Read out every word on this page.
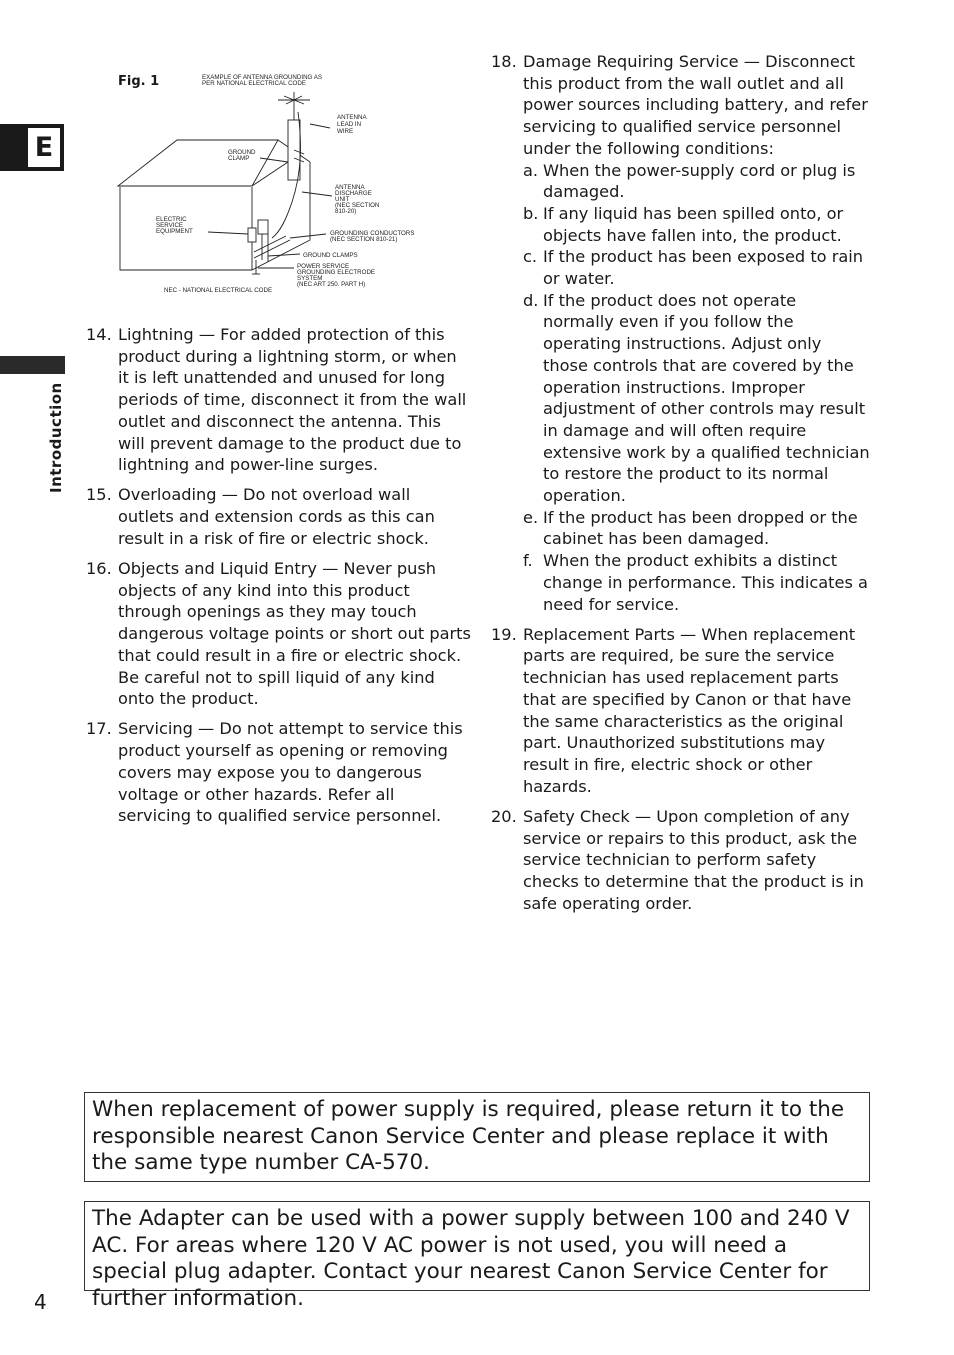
E
Introduction
Fig. 1	EXAMPLE OF ANTENNA GROUNDING AS
PER NATIONAL ELECTRICAL CODE
ANTENNA
LEAD IN
WIRE
GROUND
CLAMP
ANTENNA
DISCHARGE
UNIT
(NEC SECTION
810-20)
ELECTRIC
SERVICE
EQUIPMENT	GROUNDING CONDUCTORS
(NEC SECTION 810-21)
GROUND CLAMPS
POWER SERVICE
GROUNDING ELECTRODE
SYSTEM
(NEC ART 250. PART H)
NEC - NATIONAL ELECTRICAL CODE
14. Lightning — For added protection of this product during a lightning storm, or when it is left unattended and unused for long periods of time, disconnect it from the wall outlet and disconnect the antenna. This will prevent damage to the product due to lightning and power-line surges.
15. Overloading — Do not overload wall outlets and extension cords as this can result in a risk of fire or electric shock.
16. Objects and Liquid Entry — Never push objects of any kind into this product through openings as they may touch dangerous voltage points or short out parts that could result in a fire or electric shock. Be careful not to spill liquid of any kind onto the product.
17. Servicing — Do not attempt to service this product yourself as opening or removing covers may expose you to dangerous voltage or other hazards. Refer all servicing to qualified service personnel.
18. Damage Requiring Service — Disconnect this product from the wall outlet and all power sources including battery, and refer servicing to qualified service personnel under the following conditions:
a. When the power-supply cord or plug is damaged.
b. If any liquid has been spilled onto, or objects have fallen into, the product.
c. If the product has been exposed to rain or water.
d. If the product does not operate normally even if you follow the operating instructions. Adjust only those controls that are covered by the operation instructions. Improper adjustment of other controls may result in damage and will often require extensive work by a qualified technician to restore the product to its normal operation.
e. If the product has been dropped or the cabinet has been damaged.
f. When the product exhibits a distinct change in performance. This indicates a need for service.
19. Replacement Parts — When replacement parts are required, be sure the service technician has used replacement parts that are specified by Canon or that have the same characteristics as the original part. Unauthorized substitutions may result in fire, electric shock or other hazards.
20. Safety Check — Upon completion of any service or repairs to this product, ask the service technician to perform safety checks to determine that the product is in safe operating order.
When replacement of power supply is required, please return it to the responsible nearest Canon Service Center and please replace it with the same type number CA-570.
The Adapter can be used with a power supply between 100 and 240 V AC. For areas where 120 V AC power is not used, you will need a special plug adapter. Contact your nearest Canon Service Center for further information.
4
